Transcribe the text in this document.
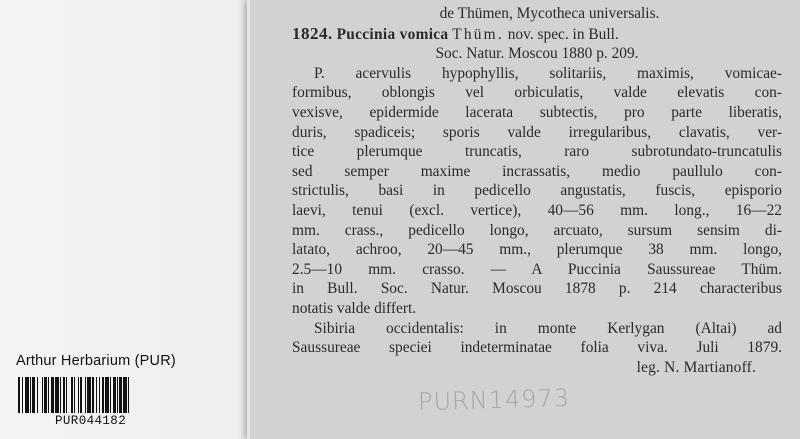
de Thümen, Mycotheca universalis.
1824. Puccinia vomica Thüm. nov. spec. in Bull.
Soc. Natur. Moscou 1880 p. 209.
P. acervulis hypophyllis, solitariis, maximis, vomicae-
formibus, oblongis vel orbiculatis, valde elevatis con-
vexisve, epidermide lacerata subtectis, pro parte liberatis,
duris, spadiceis; sporis valde irregularibus, clavatis, ver-
tice plerumque truncatis, raro subrotundato-truncatulis
sed semper maxime incrassatis, medio paullulo con-
strictulis, basi in pedicello angustatis, fuscis, episporio
laevi, tenui (excl. vertice), 40—56 mm. long., 16—22
mm. crass., pedicello longo, arcuato, sursum sensim di-
latato, achroo, 20—45 mm., plerumque 38 mm. longo,
2.5—10 mm. crasso. — A Puccinia Saussureae Thüm.
in Bull. Soc. Natur. Moscou 1878 p. 214 characteribus
notatis valde differt.
Sibiria occidentalis: in monte Kerlygan (Altai) ad
Saussureae speciei indeterminatae folia viva. Juli 1879.
leg. N. Martianoff.
PURN14973
Arthur Herbarium (PUR)
PUR044182
